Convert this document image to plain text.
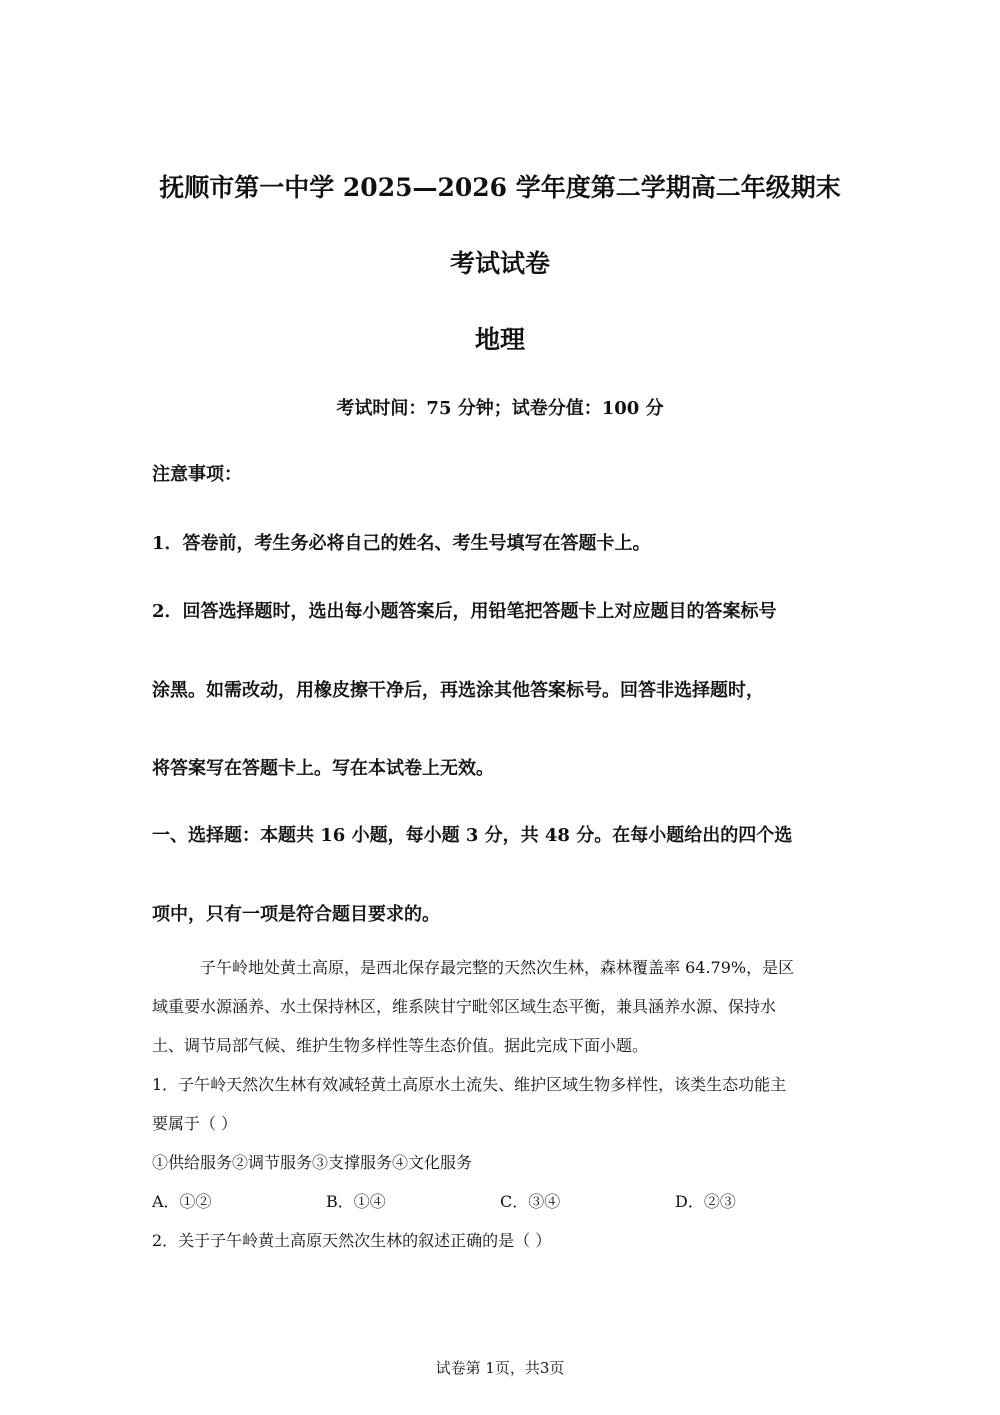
抚顺市第一中学 2025—2026 学年度第二学期高二年级期末
考试试卷
地理
考试时间：75 分钟；试卷分值：100 分
注意事项：
1．答卷前，考生务必将自己的姓名、考生号填写在答题卡上。
2．回答选择题时，选出每小题答案后，用铅笔把答题卡上对应题目的答案标号
涂黑。如需改动，用橡皮擦干净后，再选涂其他答案标号。回答非选择题时，
将答案写在答题卡上。写在本试卷上无效。
一、选择题：本题共 16 小题，每小题 3 分，共 48 分。在每小题给出的四个选
项中，只有一项是符合题目要求的。
子午岭地处黄土高原，是西北保存最完整的天然次生林，森林覆盖率 64.79%，是区
域重要水源涵养、水土保持林区，维系陕甘宁毗邻区域生态平衡，兼具涵养水源、保持水
土、调节局部气候、维护生物多样性等生态价值。据此完成下面小题。
1．子午岭天然次生林有效减轻黄土高原水土流失、维护区域生物多样性，该类生态功能主
要属于（ ）
①供给服务②调节服务③支撑服务④文化服务
A．①②	B．①④	C．③④	D．②③
2．关于子午岭黄土高原天然次生林的叙述正确的是（ ）
试卷第 1页，共3页
